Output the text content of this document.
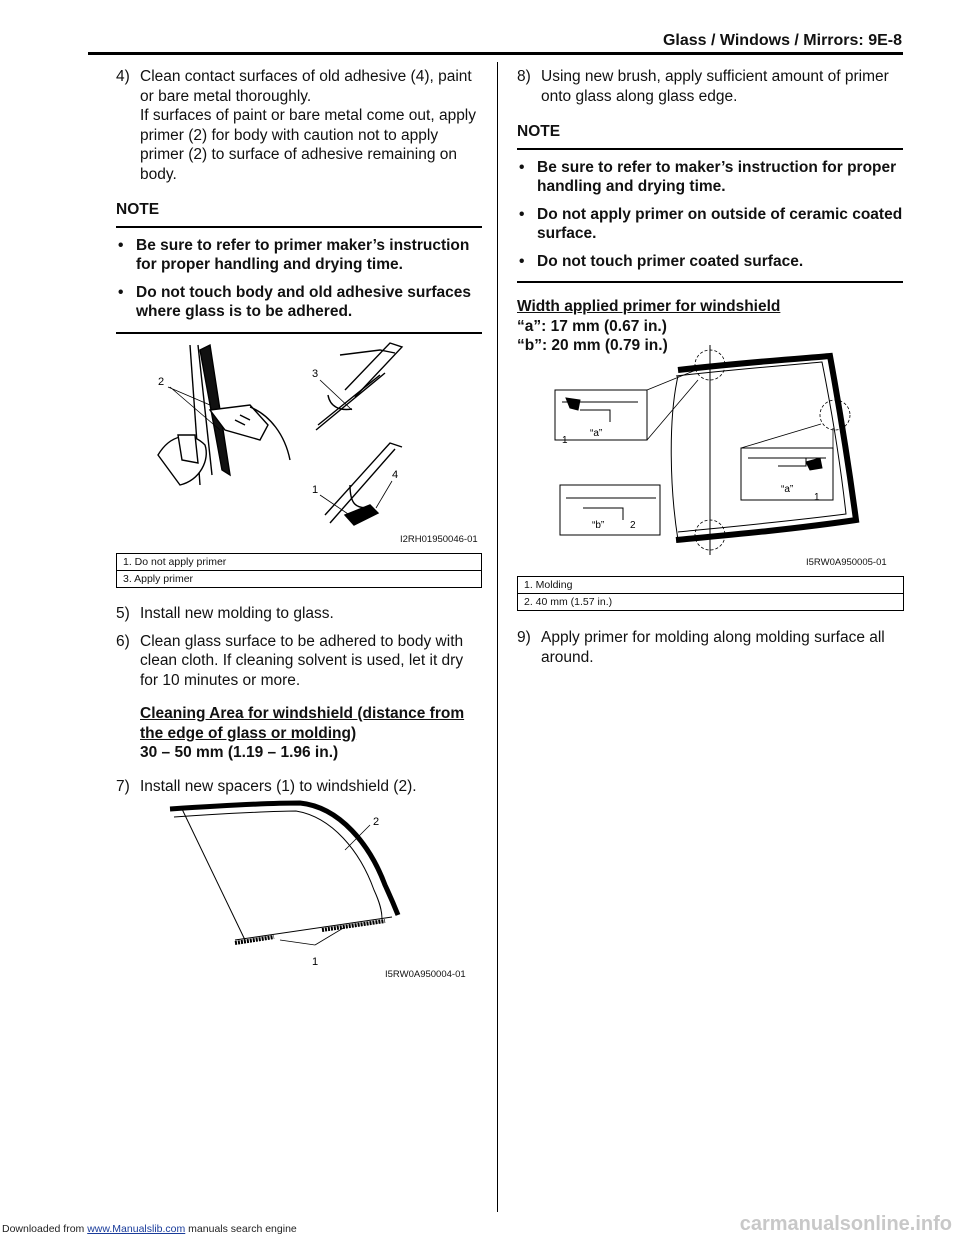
Glass / Windows / Mirrors: 9E-8
4) Clean contact surfaces of old adhesive (4), paint or bare metal thoroughly.
If surfaces of paint or bare metal come out, apply primer (2) for body with caution not to apply primer (2) to surface of adhesive remaining on body.
NOTE
• Be sure to refer to primer maker’s instruction for proper handling and drying time.
• Do not touch body and old adhesive surfaces where glass is to be adhered.
2
3
1
4
I2RH01950046-01
1. Do not apply primer
3. Apply primer
5) Install new molding to glass.
6) Clean glass surface to be adhered to body with clean cloth. If cleaning solvent is used, let it dry for 10 minutes or more.
Cleaning Area for windshield (distance from the edge of glass or molding)
30 – 50 mm (1.19 – 1.96 in.)
7) Install new spacers (1) to windshield (2).
2
1
I5RW0A950004-01
8) Using new brush, apply sufficient amount of primer onto glass along glass edge.
NOTE
• Be sure to refer to maker’s instruction for proper handling and drying time.
• Do not apply primer on outside of ceramic coated surface.
• Do not touch primer coated surface.
Width applied primer for windshield
“a”: 17 mm (0.67 in.)
“b”: 20 mm (0.79 in.)
“a”
1
“a”
1
“b”	2
I5RW0A950005-01
1. Molding
2. 40 mm (1.57 in.)
9) Apply primer for molding along molding surface all around.
Downloaded from www.Manualslib.com manuals search engine	carmanualsonline.info
